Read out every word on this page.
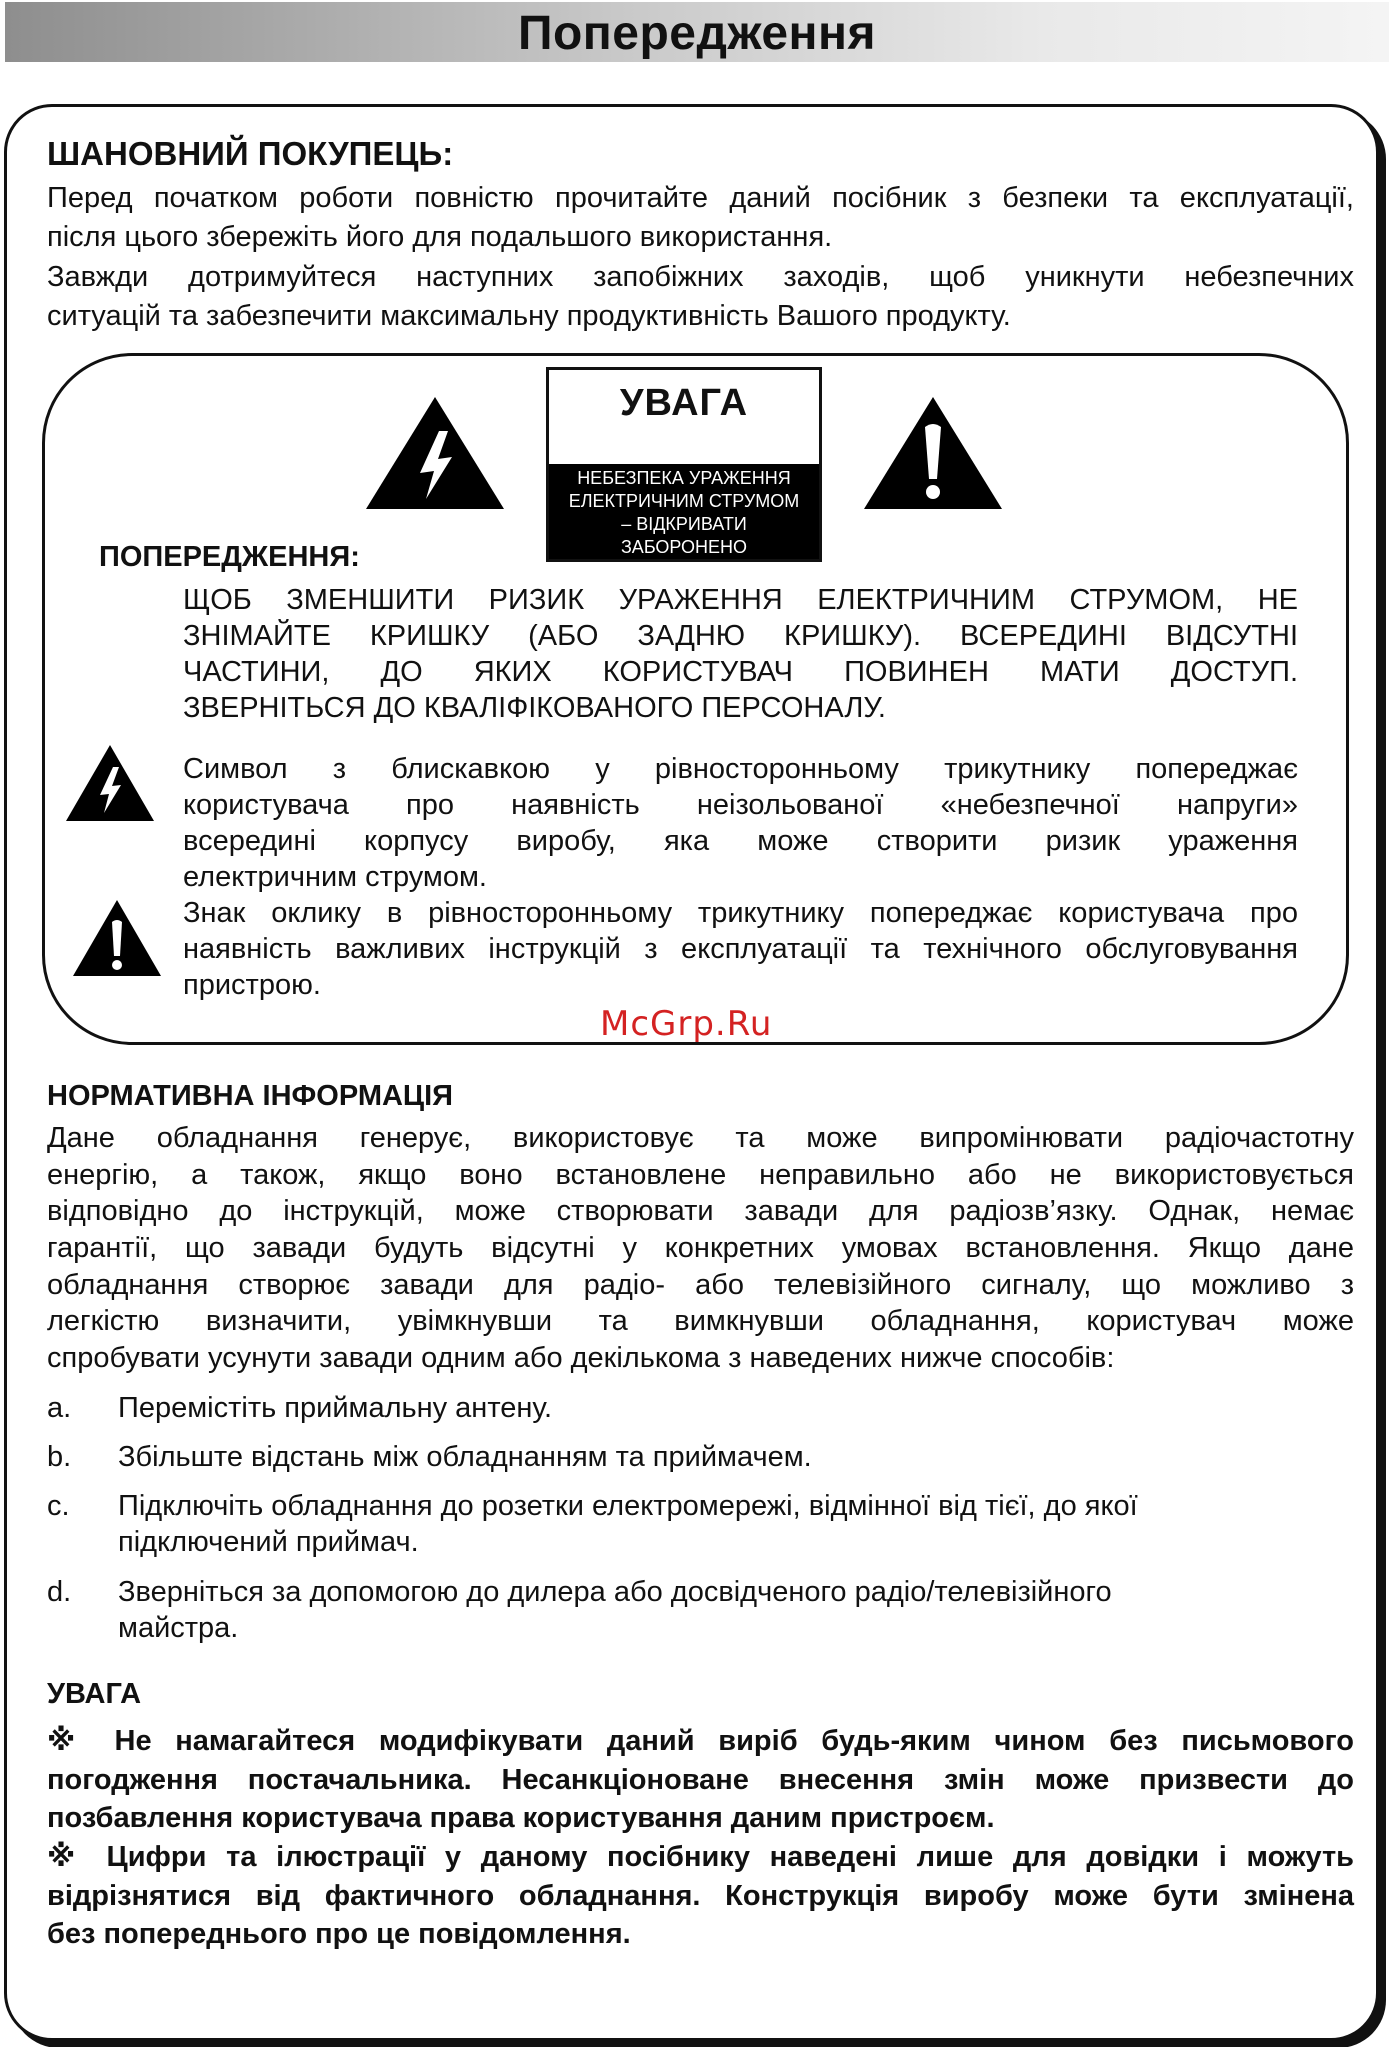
Попередження
ШАНОВНИЙ ПОКУПЕЦЬ:
Перед початком роботи повністю прочитайте даний посібник з безпеки та експлуатації,
після цього збережіть його для подальшого використання.
Завжди дотримуйтеся наступних запобіжних заходів, щоб уникнути небезпечних
ситуацій та забезпечити максимальну продуктивність Вашого продукту.
УВАГА
НЕБЕЗПЕКА УРАЖЕННЯ
ЕЛЕКТРИЧНИМ СТРУМОМ
– ВІДКРИВАТИ
ЗАБОРОНЕНО
ПОПЕРЕДЖЕННЯ:
ЩОБ ЗМЕНШИТИ РИЗИК УРАЖЕННЯ ЕЛЕКТРИЧНИМ СТРУМОМ, НЕ
ЗНІМАЙТЕ КРИШКУ (АБО ЗАДНЮ КРИШКУ). ВСЕРЕДИНІ ВІДСУТНІ
ЧАСТИНИ, ДО ЯКИХ КОРИСТУВАЧ ПОВИНЕН МАТИ ДОСТУП.
ЗВЕРНІТЬСЯ ДО КВАЛІФІКОВАНОГО ПЕРСОНАЛУ.
Символ з блискавкою у рівносторонньому трикутнику попереджає
користувача про наявність неізольованої «небезпечної напруги»
всередині корпусу виробу, яка може створити ризик ураження
електричним струмом.
Знак оклику в рівносторонньому трикутнику попереджає користувача про
наявність важливих інструкцій з експлуатації та технічного обслуговування
пристрою.
McGrp.Ru
НОРМАТИВНА ІНФОРМАЦІЯ
Дане обладнання генерує, використовує та може випромінювати радіочастотну
енергію, а також, якщо воно встановлене неправильно або не використовується
відповідно до інструкцій, може створювати завади для радіозв’язку. Однак, немає
гарантії, що завади будуть відсутні у конкретних умовах встановлення. Якщо дане
обладнання створює завади для радіо- або телевізійного сигналу, що можливо з
легкістю визначити, увімкнувши та вимкнувши обладнання, користувач може
спробувати усунути завади одним або декількома з наведених нижче способів:
a. Перемістіть приймальну антену.
b. Збільште відстань між обладнанням та приймачем.
c. Підключіть обладнання до розетки електромережі, відмінної від тієї, до якої
підключений приймач.
d. Зверніться за допомогою до дилера або досвідченого радіо/телевізійного
майстра.
УВАГА
※ Не намагайтеся модифікувати даний виріб будь-яким чином без письмового
погодження постачальника. Несанкціоноване внесення змін може призвести до
позбавлення користувача права користування даним пристроєм.
※ Цифри та ілюстрації у даному посібнику наведені лише для довідки і можуть
відрізнятися від фактичного обладнання. Конструкція виробу може бути змінена
без попереднього про це повідомлення.
